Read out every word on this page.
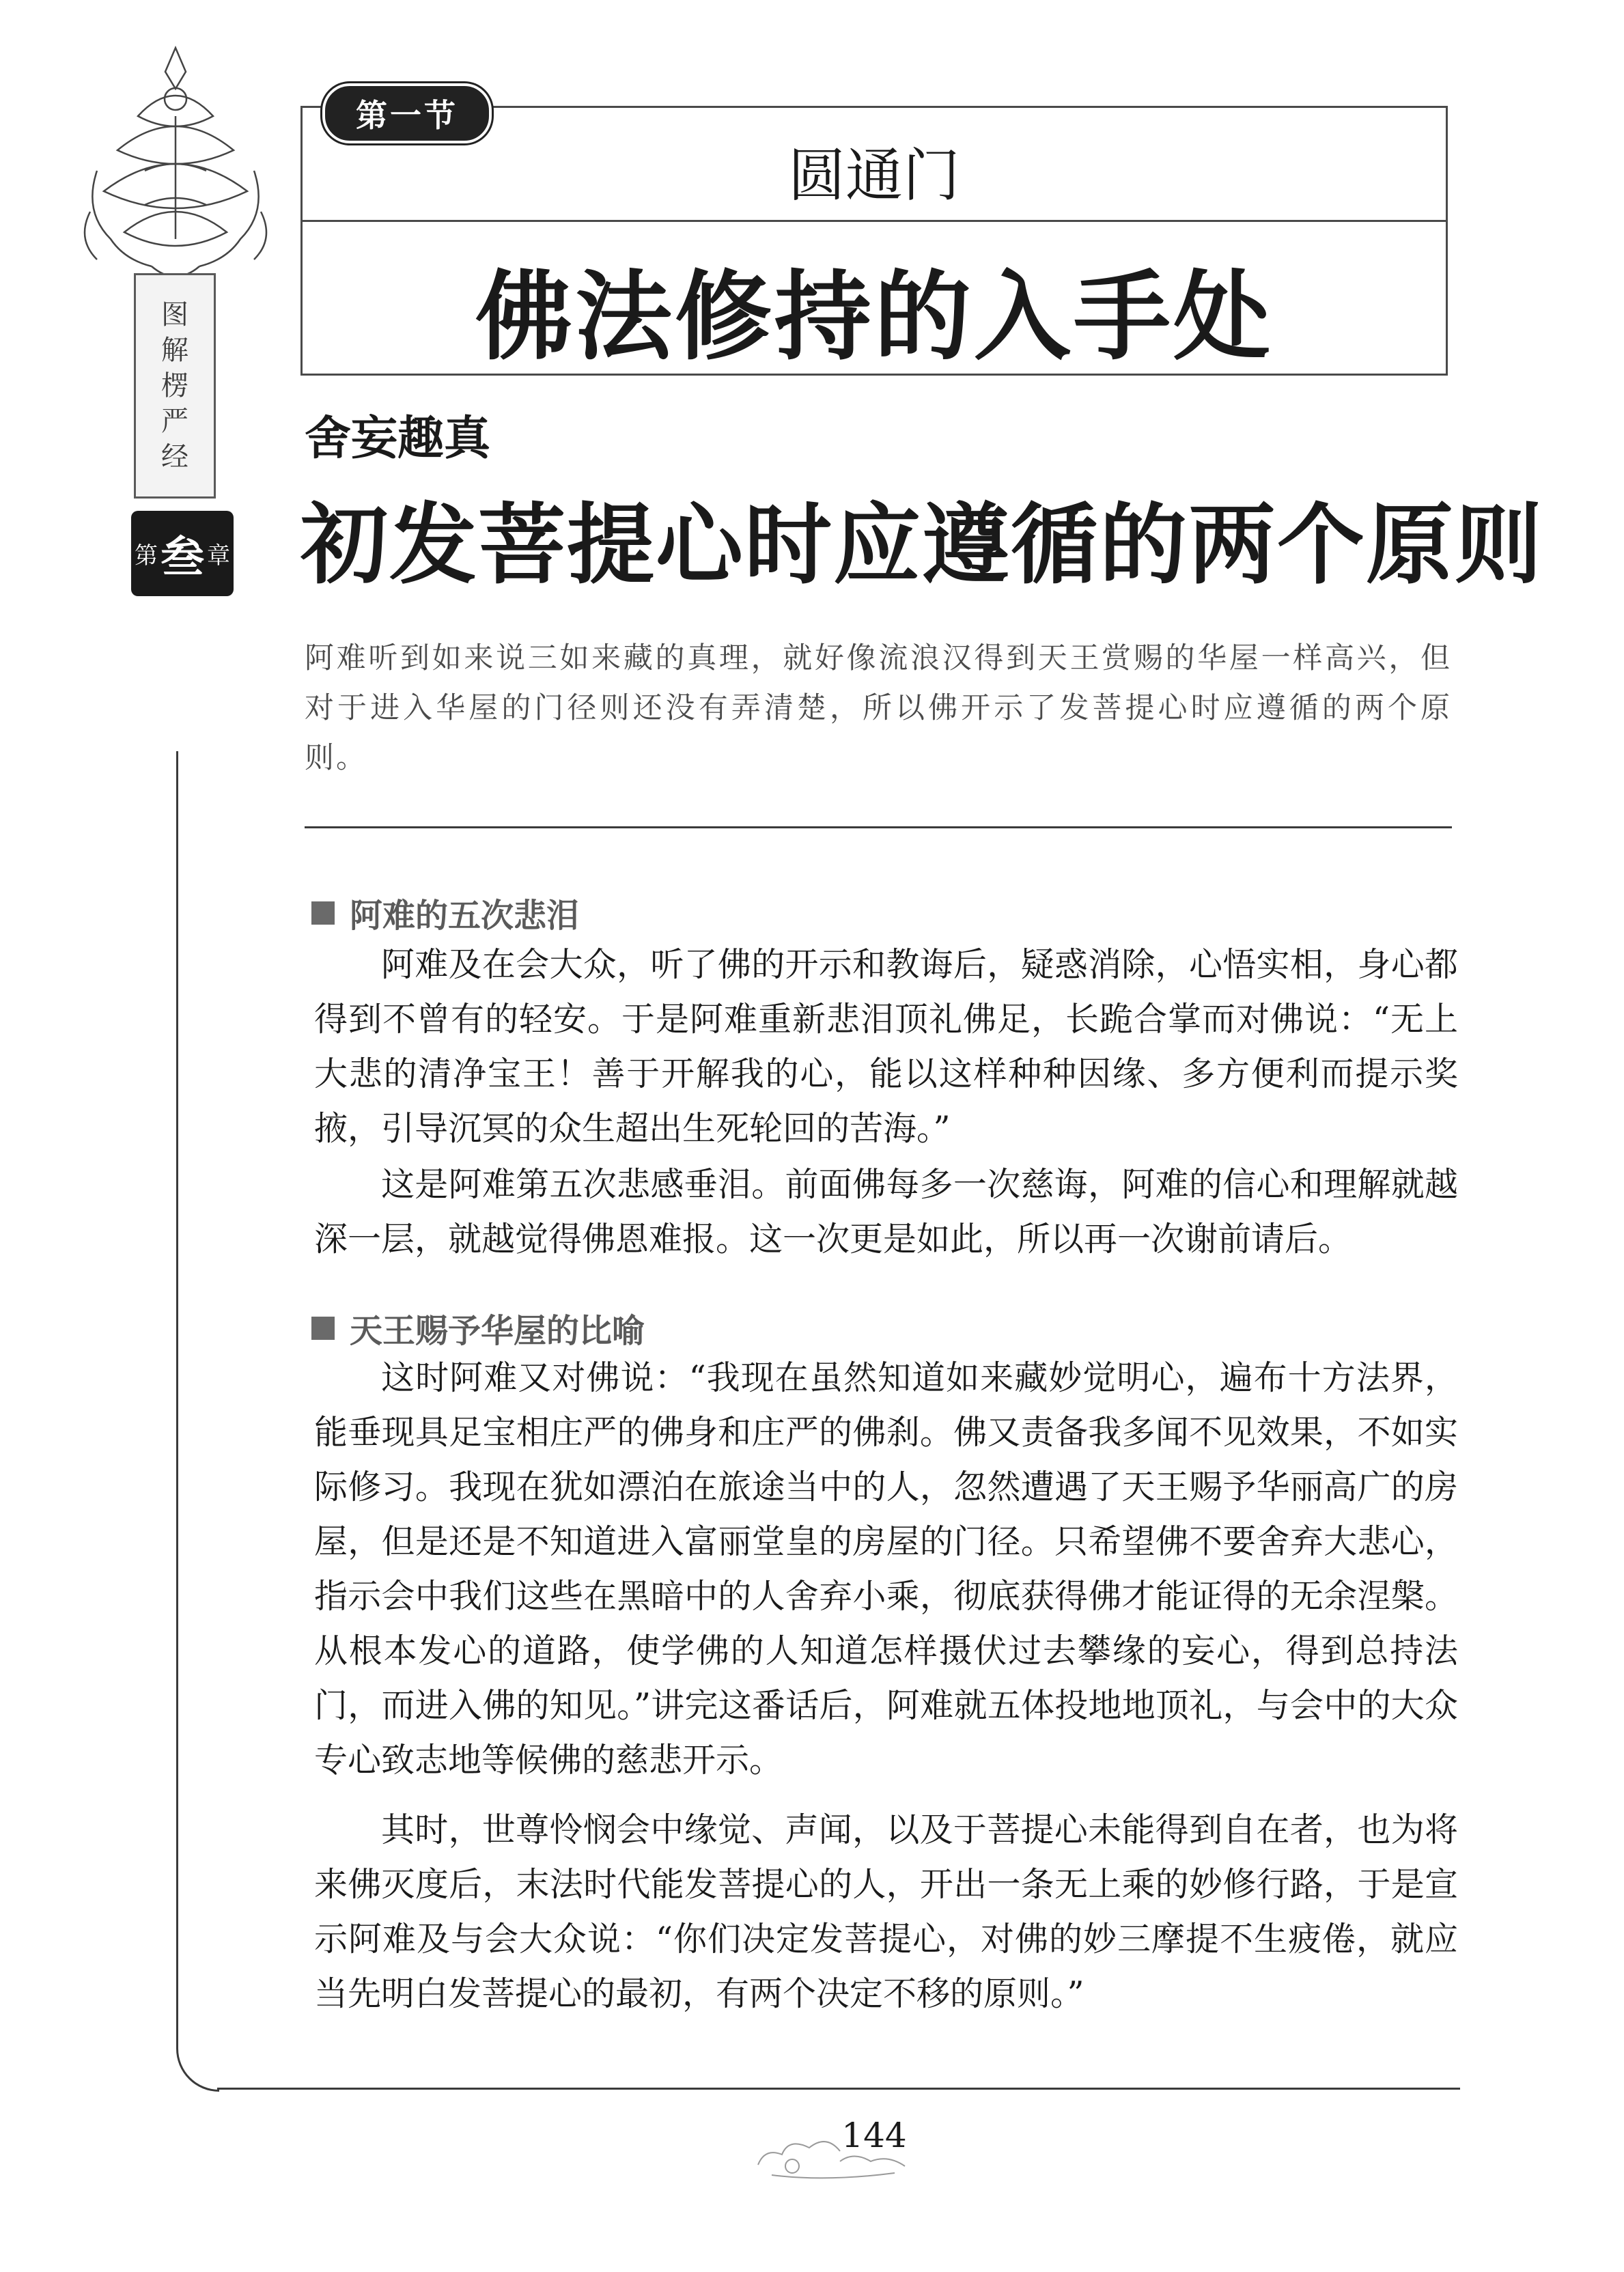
图
解
楞
严
经
第 叁 章
第一节
圆通门
佛法修持的入手处
舍妄趣真
初发菩提心时应遵循的两个原则

阿难听到如来说三如来藏的真理，就好像流浪汉得到天王赏赐的华屋一样高兴，但对于进入华屋的门径则还没有弄清楚，所以佛开示了发菩提心时应遵循的两个原则。

阿难的五次悲泪

阿难及在会大众，听了佛的开示和教诲后，疑惑消除，心悟实相，身心都得到不曾有的轻安。于是阿难重新悲泪顶礼佛足，长跪合掌而对佛说：“无上大悲的清净宝王！善于开解我的心，能以这样种种因缘、多方便利而提示奖掖，引导沉冥的众生超出生死轮回的苦海。”

这是阿难第五次悲感垂泪。前面佛每多一次慈诲，阿难的信心和理解就越深一层，就越觉得佛恩难报。这一次更是如此，所以再一次谢前请后。

天王赐予华屋的比喻

这时阿难又对佛说：“我现在虽然知道如来藏妙觉明心，遍布十方法界，能垂现具足宝相庄严的佛身和庄严的佛刹。佛又责备我多闻不见效果，不如实际修习。我现在犹如漂泊在旅途当中的人，忽然遭遇了天王赐予华丽高广的房屋，但是还是不知道进入富丽堂皇的房屋的门径。只希望佛不要舍弃大悲心，指示会中我们这些在黑暗中的人舍弃小乘，彻底获得佛才能证得的无余涅槃。从根本发心的道路，使学佛的人知道怎样摄伏过去攀缘的妄心，得到总持法门，而进入佛的知见。”讲完这番话后，阿难就五体投地地顶礼，与会中的大众专心致志地等候佛的慈悲开示。

其时，世尊怜悯会中缘觉、声闻，以及于菩提心未能得到自在者，也为将来佛灭度后，末法时代能发菩提心的人，开出一条无上乘的妙修行路，于是宣示阿难及与会大众说：“你们决定发菩提心，对佛的妙三摩提不生疲倦，就应当先明白发菩提心的最初，有两个决定不移的原则。”

144
